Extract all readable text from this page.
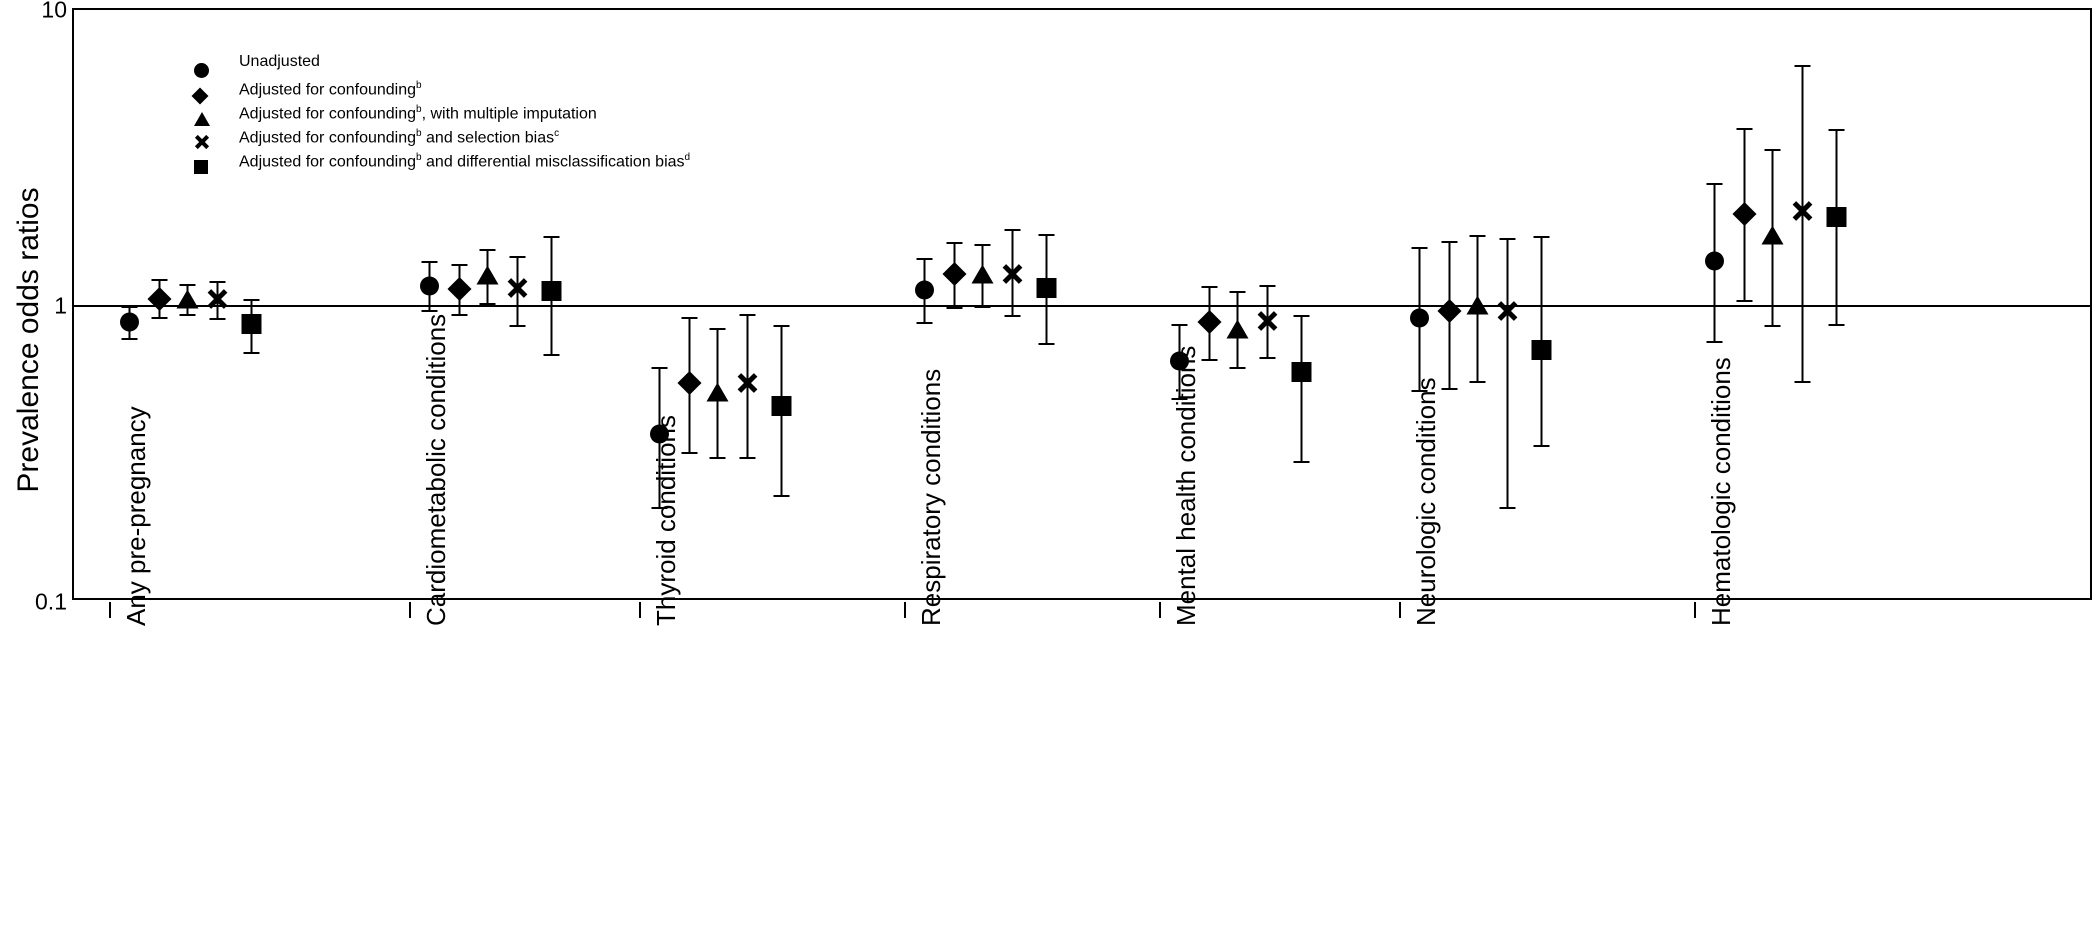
Prevalence odds ratios
10
1
0.1
Unadjusted
Adjusted for confounding$^b$
Adjusted for confounding$^b$, with multiple imputation
Adjusted for confounding$^b$ and selection bias$^c$
Adjusted for confounding$^b$ and differential misclassification bias$^d$
Any pre-pregnancy	Cardiometabolic conditions	Thyroid conditions	Respiratory conditions	Mental health conditions	Neurologic conditions	Hematologic conditions
